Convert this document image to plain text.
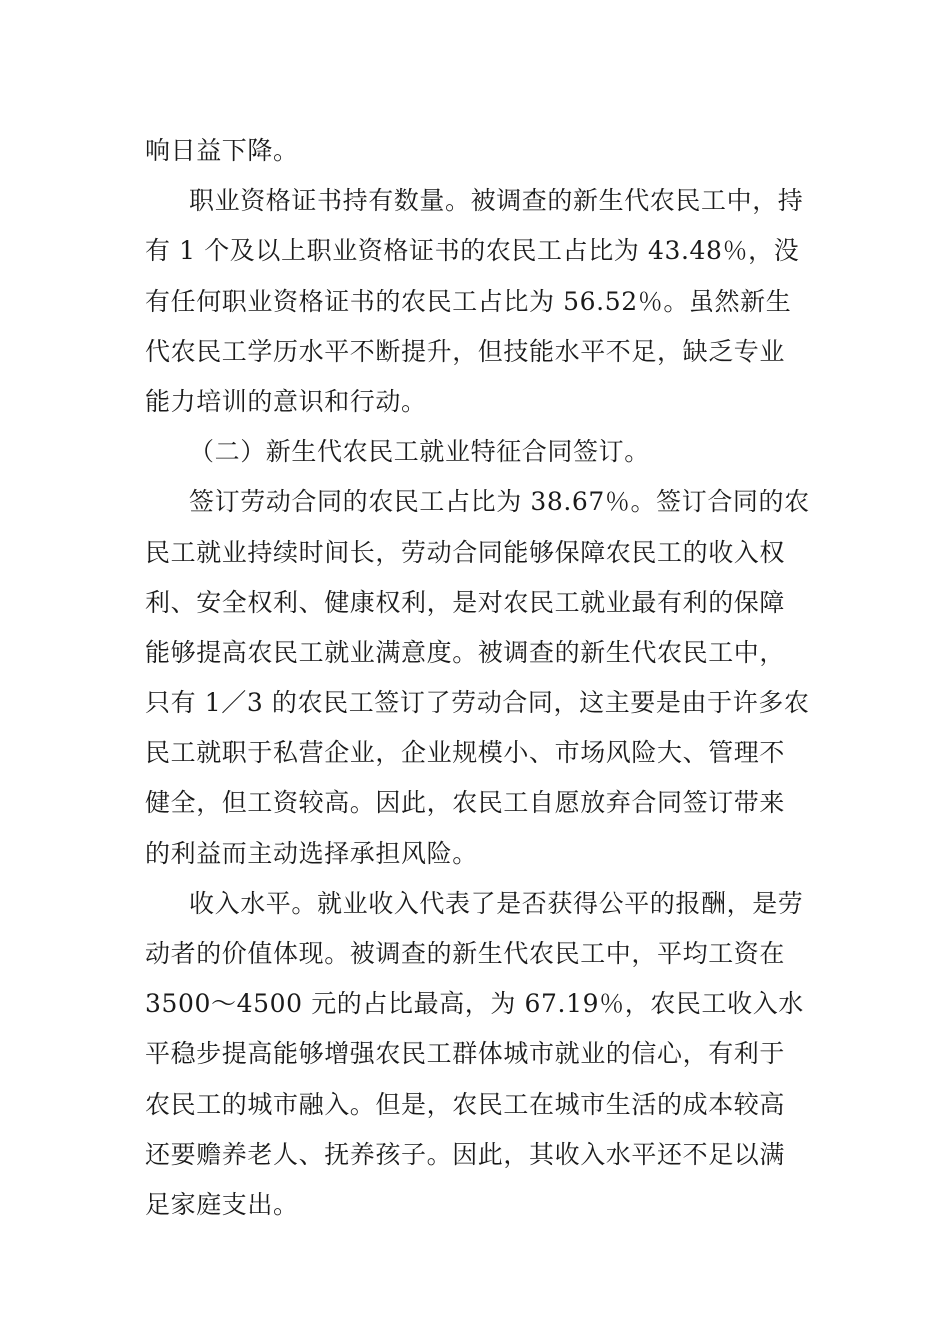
响日益下降。
职业资格证书持有数量。被调查的新生代农民工中，持
有 1 个及以上职业资格证书的农民工占比为 43.48％，没
有任何职业资格证书的农民工占比为 56.52％。虽然新生
代农民工学历水平不断提升，但技能水平不足，缺乏专业
能力培训的意识和行动。
（二）新生代农民工就业特征合同签订。
签订劳动合同的农民工占比为 38.67％。签订合同的农
民工就业持续时间长，劳动合同能够保障农民工的收入权
利、安全权利、健康权利，是对农民工就业最有利的保障
能够提高农民工就业满意度。被调查的新生代农民工中，
只有 1／3 的农民工签订了劳动合同，这主要是由于许多农
民工就职于私营企业，企业规模小、市场风险大、管理不
健全，但工资较高。因此，农民工自愿放弃合同签订带来
的利益而主动选择承担风险。
收入水平。就业收入代表了是否获得公平的报酬，是劳
动者的价值体现。被调查的新生代农民工中，平均工资在
3500～4500 元的占比最高，为 67.19％，农民工收入水
平稳步提高能够增强农民工群体城市就业的信心，有利于
农民工的城市融入。但是，农民工在城市生活的成本较高
还要赡养老人、抚养孩子。因此，其收入水平还不足以满
足家庭支出。
